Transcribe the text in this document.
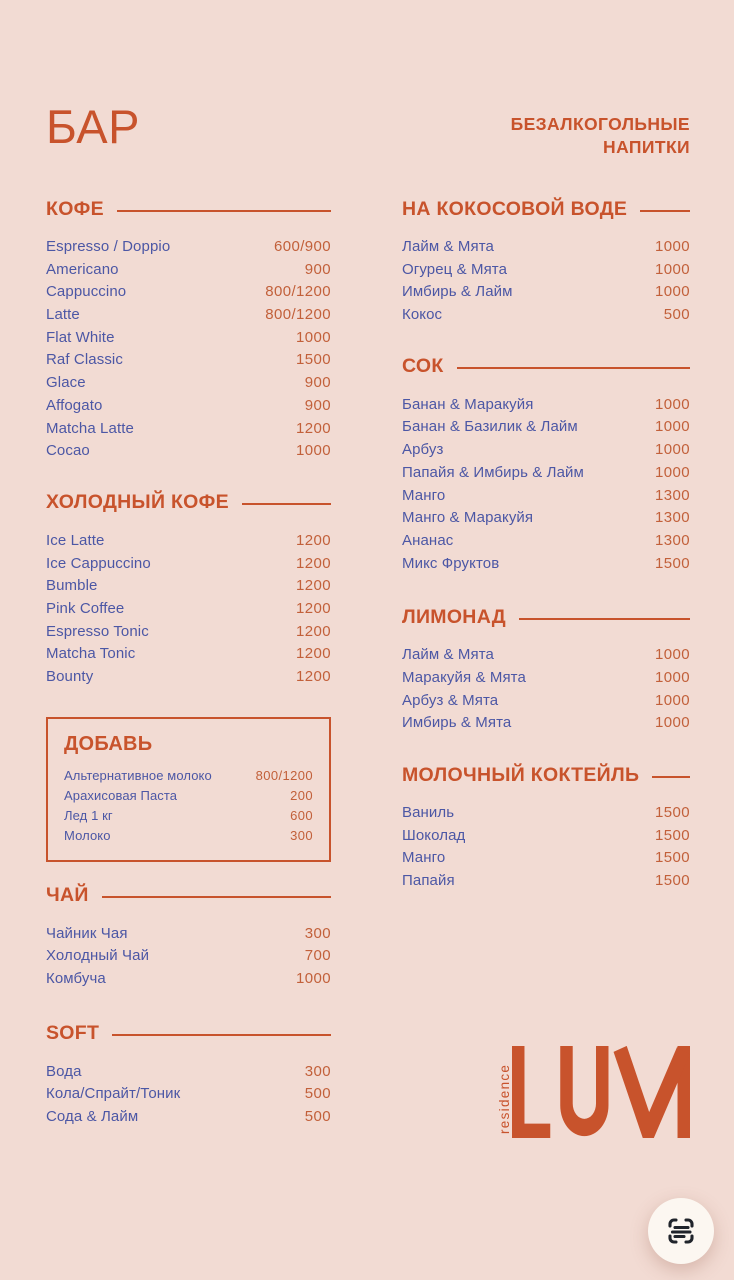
БАР
КОФЕ
Espresso / Doppio	600/900
Americano	900
Cappuccino	800/1200
Latte	800/1200
Flat White	1000
Raf Classic	1500
Glace	900
Affogato	900
Matcha Latte	1200
Cocao	1000
ХОЛОДНЫЙ КОФЕ
Ice Latte	1200
Ice Cappuccino	1200
Bumble	1200
Pink Coffee	1200
Espresso Tonic	1200
Matcha Tonic	1200
Bounty	1200
ДОБАВЬ
Альтернативное молоко	800/1200
Арахисовая Паста	200
Лед 1 кг	600
Молоко	300
ЧАЙ
Чайник Чая	300
Холодный Чай	700
Комбуча	1000
SOFT
Вода	300
Кола/Спрайт/Тоник	500
Сода & Лайм	500
БЕЗАЛКОГОЛЬНЫЕ
НАПИТКИ
НА КОКОСОВОЙ ВОДЕ
Лайм & Мята	1000
Огурец & Мята	1000
Имбирь & Лайм	1000
Кокос	500
СОК
Банан & Маракуйя	1000
Банан & Базилик & Лайм	1000
Арбуз	1000
Папайя & Имбирь & Лайм	1000
Манго	1300
Манго & Маракуйя	1300
Ананас	1300
Микс Фруктов	1500
ЛИМОНАД
Лайм & Мята	1000
Маракуйя & Мята	1000
Арбуз & Мята	1000
Имбирь & Мята	1000
МОЛОЧНЫЙ КОКТЕЙЛЬ
Ваниль	1500
Шоколад	1500
Манго	1500
Папайя	1500
residence
